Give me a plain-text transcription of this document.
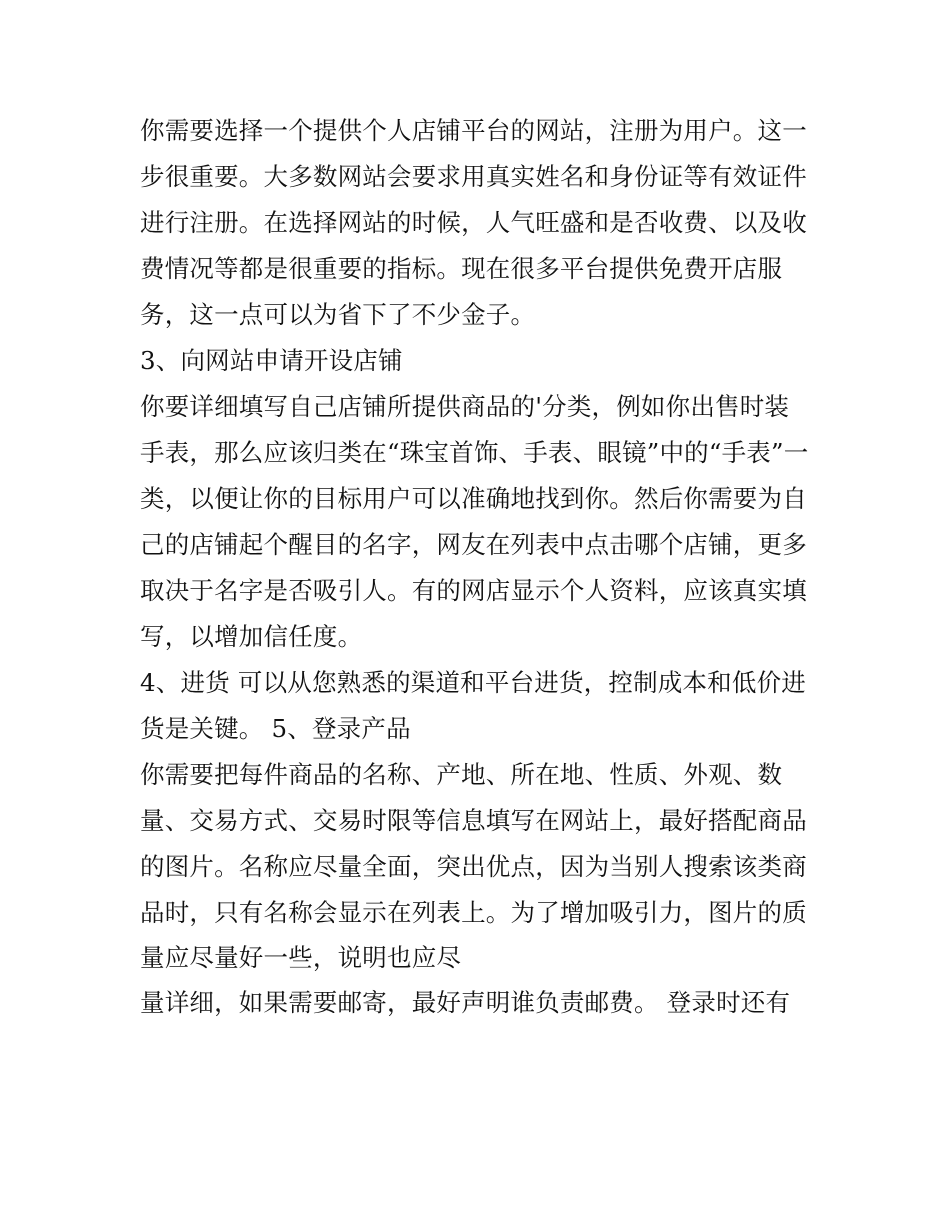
你需要选择一个提供个人店铺平台的网站，注册为用户。这一
步很重要。大多数网站会要求用真实姓名和身份证等有效证件
进行注册。在选择网站的时候，人气旺盛和是否收费、以及收
费情况等都是很重要的指标。现在很多平台提供免费开店服
务，这一点可以为省下了不少金子。
3、向网站申请开设店铺
你要详细填写自己店铺所提供商品的'分类，例如你出售时装
手表，那么应该归类在“珠宝首饰、手表、眼镜”中的“手表”一
类，以便让你的目标用户可以准确地找到你。然后你需要为自
己的店铺起个醒目的名字，网友在列表中点击哪个店铺，更多
取决于名字是否吸引人。有的网店显示个人资料，应该真实填
写，以增加信任度。
4、进货 可以从您熟悉的渠道和平台进货，控制成本和低价进
货是关键。 5、登录产品
你需要把每件商品的名称、产地、所在地、性质、外观、数
量、交易方式、交易时限等信息填写在网站上，最好搭配商品
的图片。名称应尽量全面，突出优点，因为当别人搜索该类商
品时，只有名称会显示在列表上。为了增加吸引力，图片的质
量应尽量好一些，说明也应尽
量详细，如果需要邮寄，最好声明谁负责邮费。 登录时还有
